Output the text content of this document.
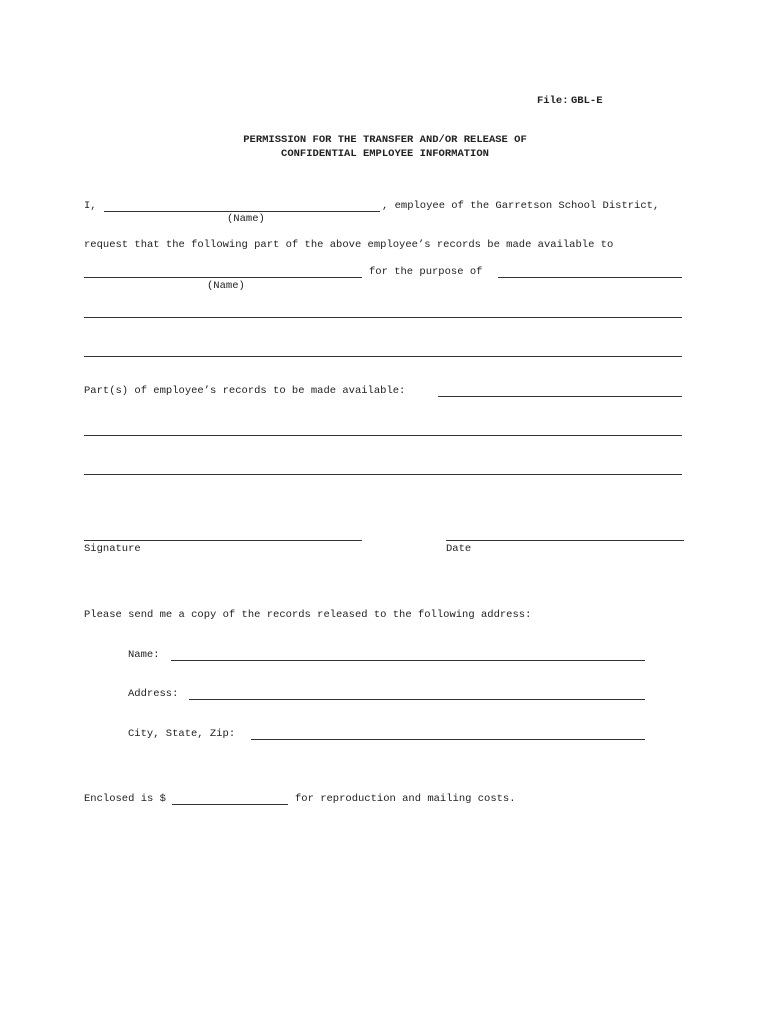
File: GBL-E
PERMISSION FOR THE TRANSFER AND/OR RELEASE OF
CONFIDENTIAL EMPLOYEE INFORMATION
I,	, employee of the Garretson School District,
(Name)
request that the following part of the above employee’s records be made available to
for the purpose of
(Name)
Part(s) of employee’s records to be made available:
Signature	Date
Please send me a copy of the records released to the following address:
Name:
Address:
City, State, Zip:
Enclosed is $	for reproduction and mailing costs.
